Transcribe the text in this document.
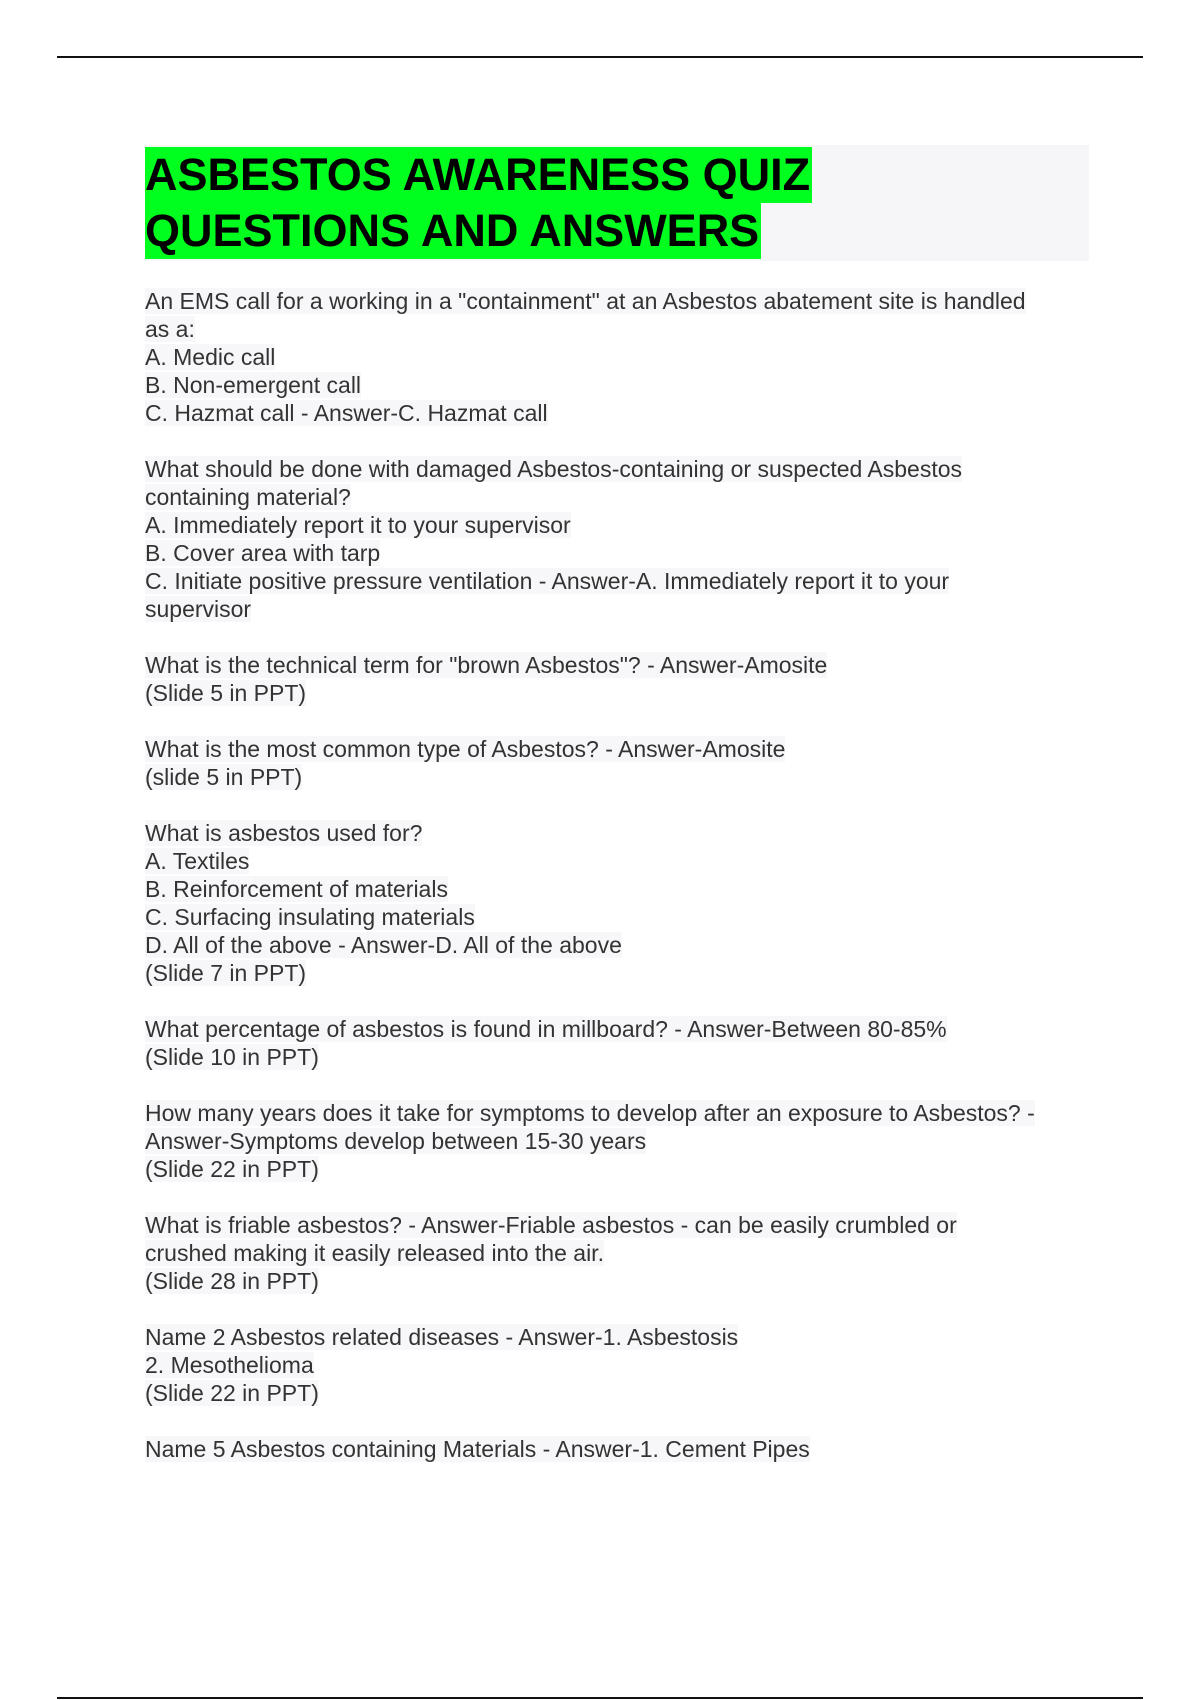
ASBESTOS AWARENESS QUIZ
QUESTIONS AND ANSWERS
An EMS call for a working in a "containment" at an Asbestos abatement site is handled
as a:
A. Medic call
B. Non-emergent call
C. Hazmat call - Answer-C. Hazmat call
What should be done with damaged Asbestos-containing or suspected Asbestos
containing material?
A. Immediately report it to your supervisor
B. Cover area with tarp
C. Initiate positive pressure ventilation - Answer-A. Immediately report it to your
supervisor
What is the technical term for "brown Asbestos"? - Answer-Amosite
(Slide 5 in PPT)
What is the most common type of Asbestos? - Answer-Amosite
(slide 5 in PPT)
What is asbestos used for?
A. Textiles
B. Reinforcement of materials
C. Surfacing insulating materials
D. All of the above - Answer-D. All of the above
(Slide 7 in PPT)
What percentage of asbestos is found in millboard? - Answer-Between 80-85%
(Slide 10 in PPT)
How many years does it take for symptoms to develop after an exposure to Asbestos? -
Answer-Symptoms develop between 15-30 years
(Slide 22 in PPT)
What is friable asbestos? - Answer-Friable asbestos - can be easily crumbled or
crushed making it easily released into the air.
(Slide 28 in PPT)
Name 2 Asbestos related diseases - Answer-1. Asbestosis
2. Mesothelioma
(Slide 22 in PPT)
Name 5 Asbestos containing Materials - Answer-1. Cement Pipes
